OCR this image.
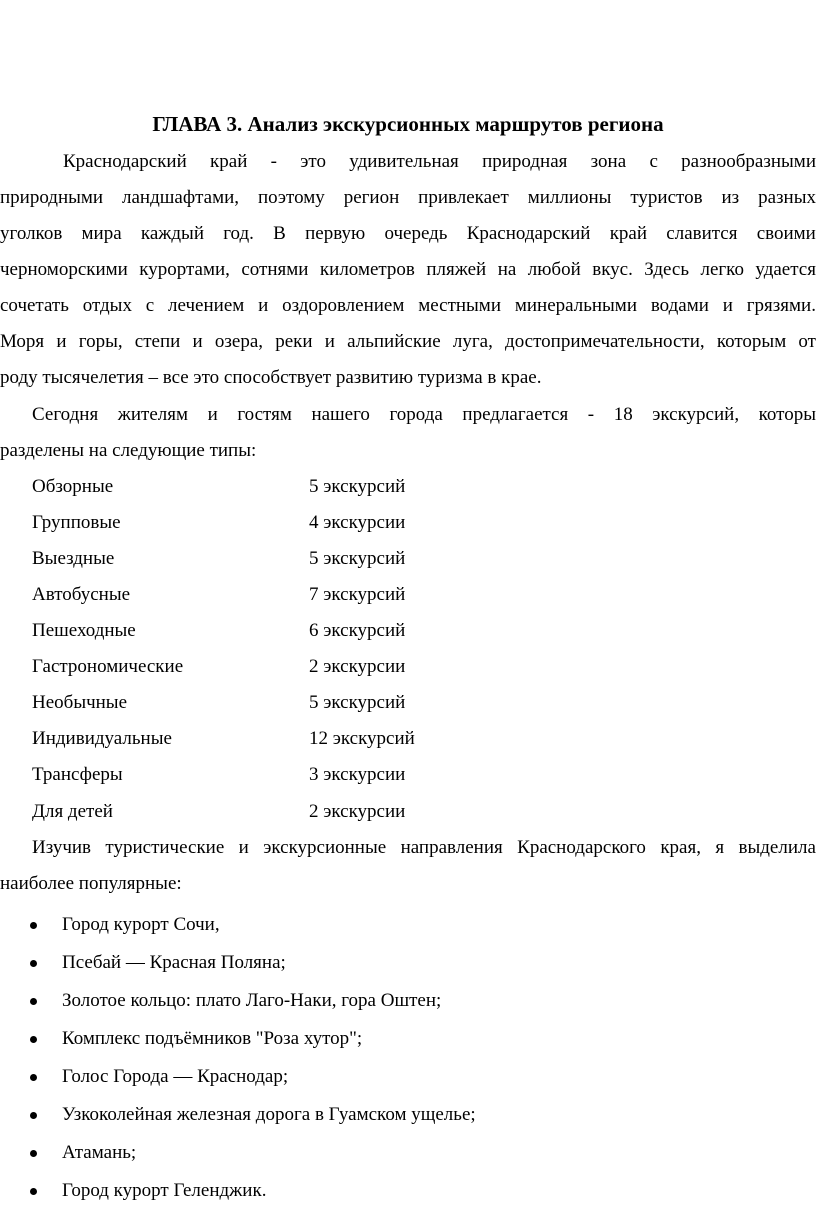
ГЛАВА 3. Анализ экскурсионных маршрутов региона
Краснодарский край - это удивительная природная зона с разнообразными
природными ландшафтами, поэтому регион привлекает миллионы туристов из разных
уголков мира каждый год. В первую очередь Краснодарский край славится своими
черноморскими курортами, сотнями километров пляжей на любой вкус. Здесь легко удается
сочетать отдых с лечением и оздоровлением местными минеральными водами и грязями.
Моря и горы, степи и озера, реки и альпийские луга, достопримечательности, которым от
роду тысячелетия – все это способствует развитию туризма в крае.
Сегодня жителям и гостям нашего города предлагается - 18 экскурсий, которы
разделены на следующие типы:
Обзорные	5 экскурсий
Групповые	4 экскурсии
Выездные	5 экскурсий
Автобусные	7 экскурсий
Пешеходные	6 экскурсий
Гастрономические	2 экскурсии
Необычные	5 экскурсий
Индивидуальные	12 экскурсий
Трансферы	3 экскурсии
Для детей	2 экскурсии
Изучив туристические и экскурсионные направления Краснодарского края, я выделила
наиболее популярные:
Город курорт Сочи,
Псебай — Красная Поляна;
Золотое кольцо: плато Лаго-Наки, гора Оштен;
Комплекс подъёмников "Роза хутор";
Голос Города — Краснодар;
Узкоколейная железная дорога в Гуамском ущелье;
Атамань;
Город курорт Геленджик.
